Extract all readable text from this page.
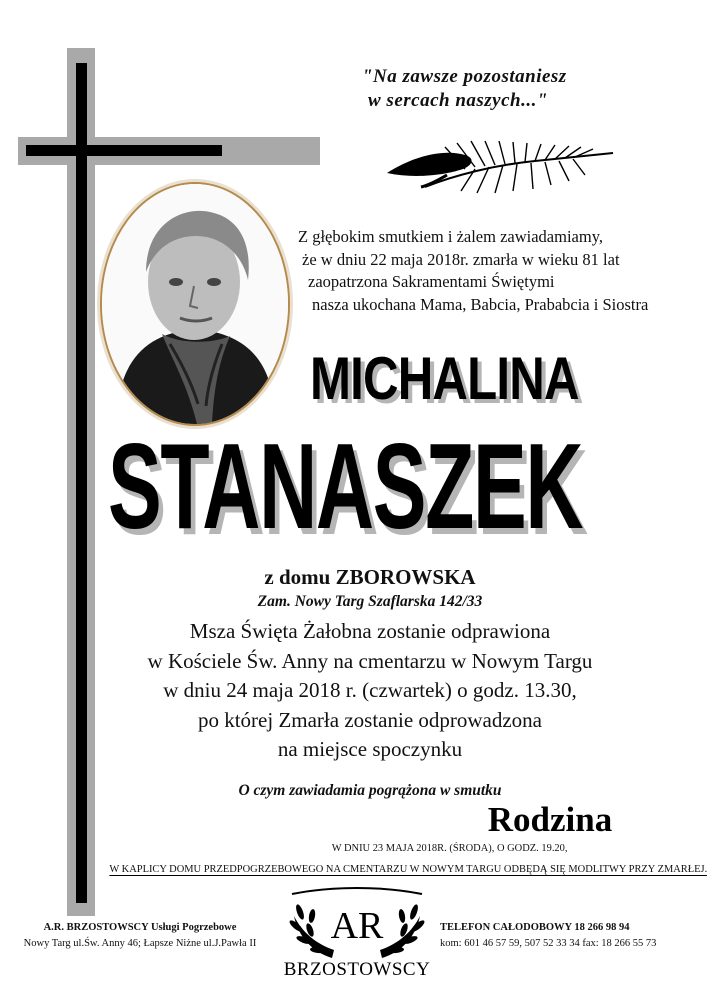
"Na zawsze pozostaniesz
w sercach naszych..."
Z głębokim smutkiem i żalem zawiadamiamy,
że w dniu 22 maja 2018r. zmarła w wieku 81 lat
zaopatrzona Sakramentami Świętymi
nasza ukochana Mama, Babcia, Prababcia i Siostra
MICHALINA
STANASZEK
z domu ZBOROWSKA
Zam. Nowy Targ Szaflarska 142/33
Msza Święta Żałobna zostanie odprawiona
w Kościele Św. Anny na cmentarzu w Nowym Targu
w dniu 24 maja 2018 r. (czwartek) o godz. 13.30,
po której Zmarła zostanie odprowadzona
na miejsce spoczynku
O czym zawiadamia pogrążona w smutku
Rodzina
W DNIU 23 MAJA 2018R. (ŚRODA), O GODZ. 19.20,
W KAPLICY DOMU PRZEDPOGRZEBOWEGO NA CMENTARZU W NOWYM TARGU ODBĘDĄ SIĘ MODLITWY PRZY ZMARŁEJ.
A.R. BRZOSTOWSCY Usługi Pogrzebowe
Nowy Targ ul.Św. Anny 46; Łapsze Niżne ul.J.Pawła II	AR
BRZOSTOWSCY
TELEFON CAŁODOBOWY 18 266 98 94
kom: 601 46 57 59, 507 52 33 34 fax: 18 266 55 73
